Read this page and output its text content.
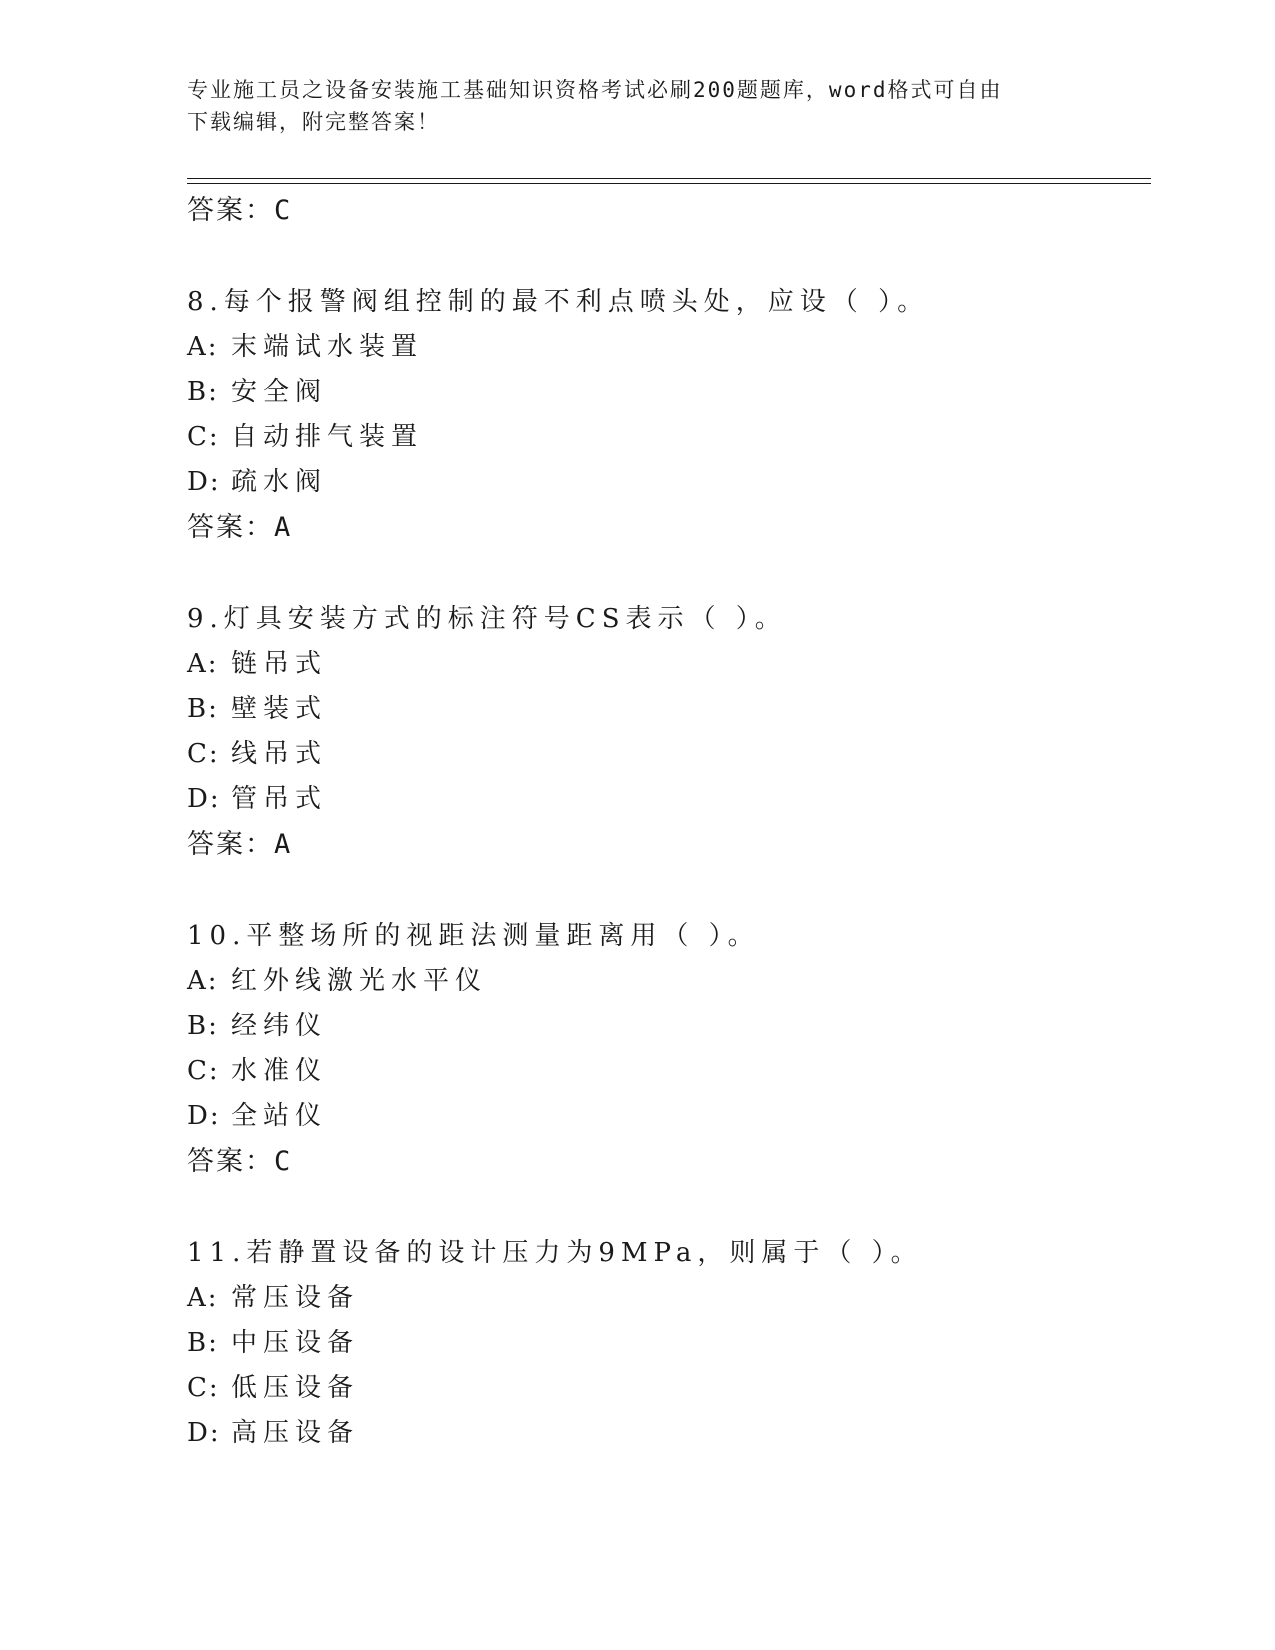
专业施工员之设备安装施工基础知识资格考试必刷200题题库，word格式可自由
下载编辑，附完整答案！
答案：C
8.每个报警阀组控制的最不利点喷头处，应设（ ）。
A: 末端试水装置
B: 安全阀
C: 自动排气装置
D: 疏水阀
答案：A
9.灯具安装方式的标注符号CS表示（ ）。
A: 链吊式
B: 壁装式
C: 线吊式
D: 管吊式
答案：A
10.平整场所的视距法测量距离用（ ）。
A: 红外线激光水平仪
B: 经纬仪
C: 水准仪
D: 全站仪
答案：C
11.若静置设备的设计压力为9MPa，则属于（ ）。
A: 常压设备
B: 中压设备
C: 低压设备
D: 高压设备
